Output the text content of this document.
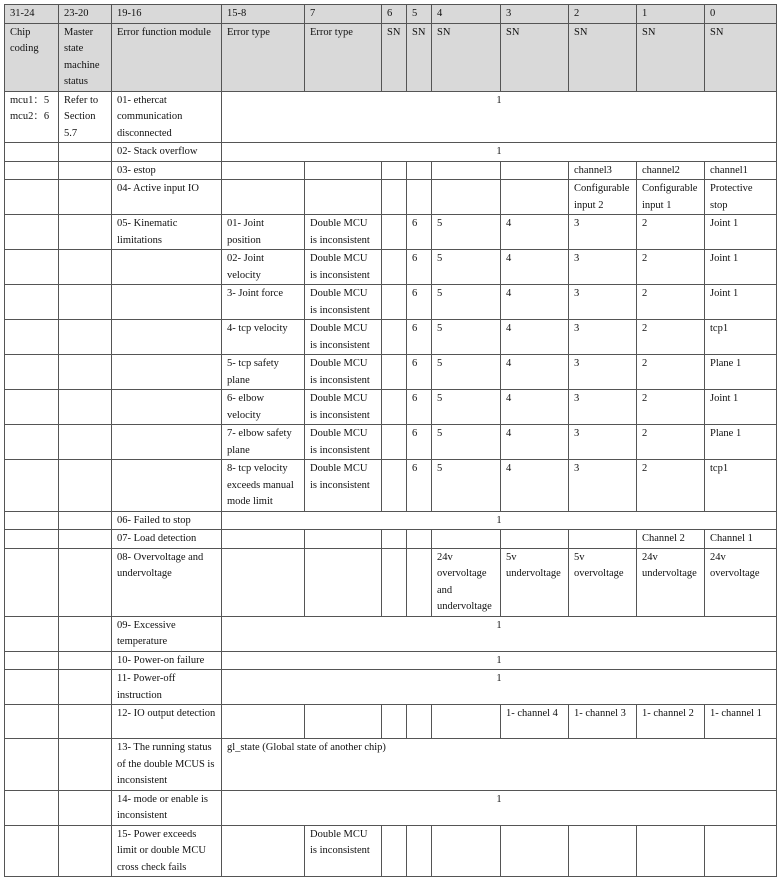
31-24	23-20	19-16	15-8	7	6	5	4	3	2	1	0
Chip coding	Master state machine status	Error function module	Error type	Error type	SN	SN	SN	SN	SN	SN	SN
mcu1：5 mcu2：6	Refer to Section 5.7	01- ethercat communication disconnected	1								
		02- Stack overflow	1								
		03- estop							channel3	channel2	channel1
		04- Active input IO							Configurable input 2	Configurable input 1	Protective stop
		05- Kinematic limitations	01- Joint position	Double MCU is inconsistent		6	5	4	3	2	Joint 1
			02- Joint velocity	Double MCU is inconsistent		6	5	4	3	2	Joint 1
			3- Joint force	Double MCU is inconsistent		6	5	4	3	2	Joint 1
			4- tcp velocity	Double MCU is inconsistent		6	5	4	3	2	tcp1
			5- tcp safety plane	Double MCU is inconsistent		6	5	4	3	2	Plane 1
			6- elbow velocity	Double MCU is inconsistent		6	5	4	3	2	Joint 1
			7- elbow safety plane	Double MCU is inconsistent		6	5	4	3	2	Plane 1
			8- tcp velocity exceeds manual mode limit	Double MCU is inconsistent		6	5	4	3	2	tcp1
		06- Failed to stop	1								
		07- Load detection								Channel 2	Channel 1
		08- Overvoltage and undervoltage					24v overvoltage and undervoltage	5v undervoltage	5v overvoltage	24v undervoltage	24v overvoltage
		09- Excessive temperature	1								
		10- Power-on failure	1								
		11- Power-off instruction	1								
		12- IO output detection						1- channel 4	1- channel 3	1- channel 2	1- channel 1
		13- The running status of the double MCUS is inconsistent	gl_state (Global state of another chip)								
		14- mode or enable is inconsistent	1								
		15- Power exceeds limit or double MCU cross check fails		Double MCU is inconsistent							
